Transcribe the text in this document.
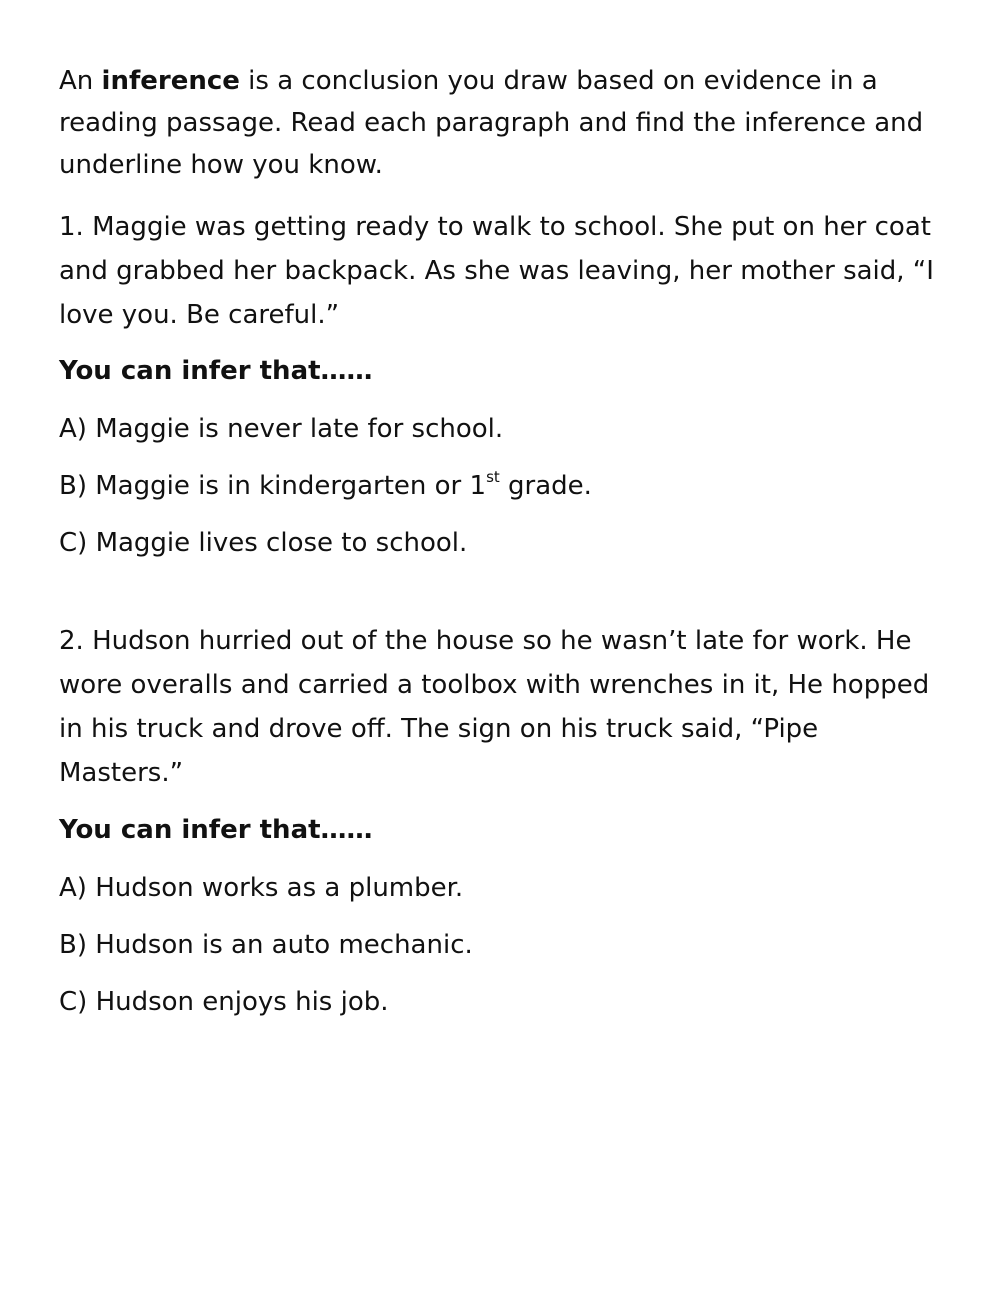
An inference is a conclusion you draw based on evidence in a reading passage. Read each paragraph and find the inference and underline how you know.

1. Maggie was getting ready to walk to school. She put on her coat and grabbed her backpack. As she was leaving, her mother said, “I love you. Be careful.”

You can infer that……

A) Maggie is never late for school.

B) Maggie is in kindergarten or 1st grade.

C) Maggie lives close to school.

2. Hudson hurried out of the house so he wasn’t late for work. He wore overalls and carried a toolbox with wrenches in it, He hopped in his truck and drove off. The sign on his truck said, “Pipe Masters.”

You can infer that……

A) Hudson works as a plumber.

B) Hudson is an auto mechanic.

C) Hudson enjoys his job.
